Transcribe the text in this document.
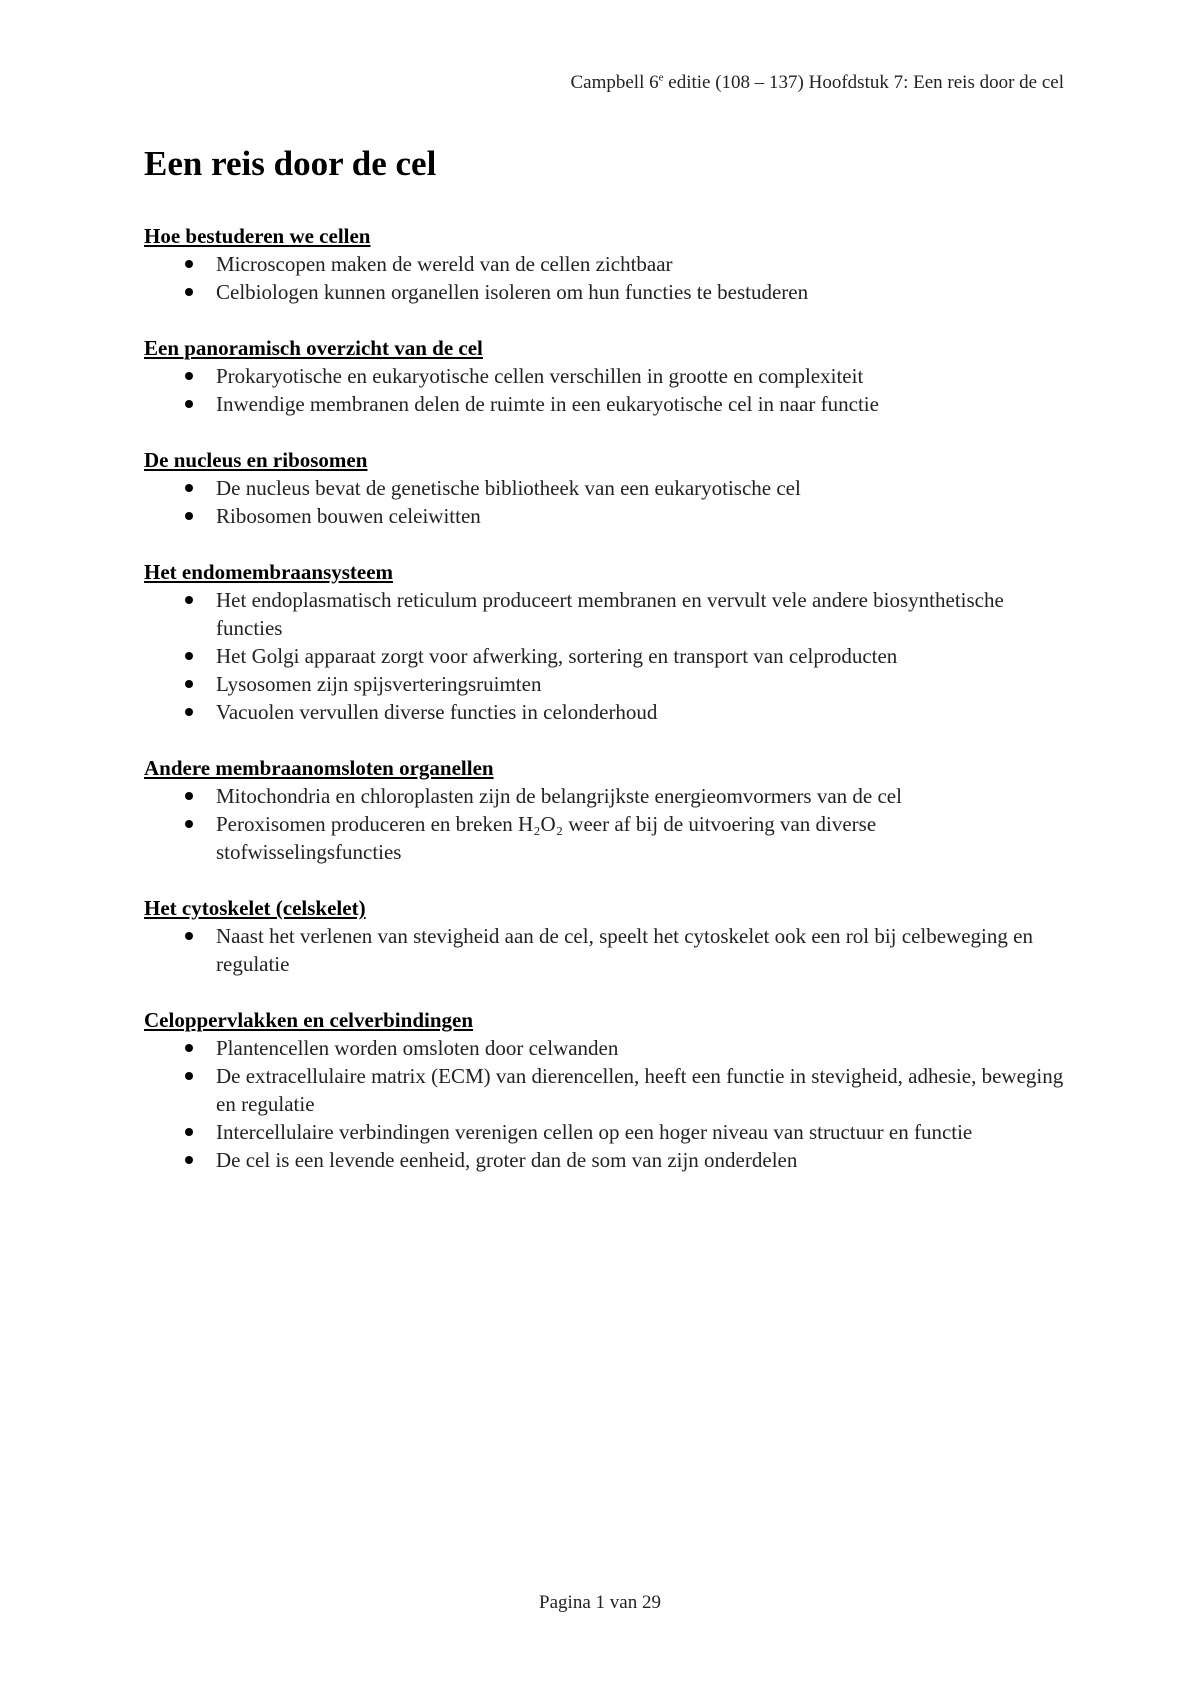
Campbell 6e editie (108 – 137) Hoofdstuk 7: Een reis door de cel
Een reis door de cel
Hoe bestuderen we cellen
Microscopen maken de wereld van de cellen zichtbaar
Celbiologen kunnen organellen isoleren om hun functies te bestuderen
Een panoramisch overzicht van de cel
Prokaryotische en eukaryotische cellen verschillen in grootte en complexiteit
Inwendige membranen delen de ruimte in een eukaryotische cel in naar functie
De nucleus en ribosomen
De nucleus bevat de genetische bibliotheek van een eukaryotische cel
Ribosomen bouwen celeiwitten
Het endomembraansysteem
Het endoplasmatisch reticulum produceert membranen en vervult vele andere biosynthetische functies
Het Golgi apparaat zorgt voor afwerking, sortering en transport van celproducten
Lysosomen zijn spijsverteringsruimten
Vacuolen vervullen diverse functies in celonderhoud
Andere membraanomsloten organellen
Mitochondria en chloroplasten zijn de belangrijkste energieomvormers van de cel
Peroxisomen produceren en breken H₂O₂ weer af bij de uitvoering van diverse stofwisselingsfuncties
Het cytoskelet (celskelet)
Naast het verlenen van stevigheid aan de cel, speelt het cytoskelet ook een rol bij celbeweging en regulatie
Celoppervlakken en celverbindingen
Plantencellen worden omsloten door celwanden
De extracellulaire matrix (ECM) van dierencellen, heeft een functie in stevigheid, adhesie, beweging en regulatie
Intercellulaire verbindingen verenigen cellen op een hoger niveau van structuur en functie
De cel is een levende eenheid, groter dan de som van zijn onderdelen
Pagina 1 van 29
